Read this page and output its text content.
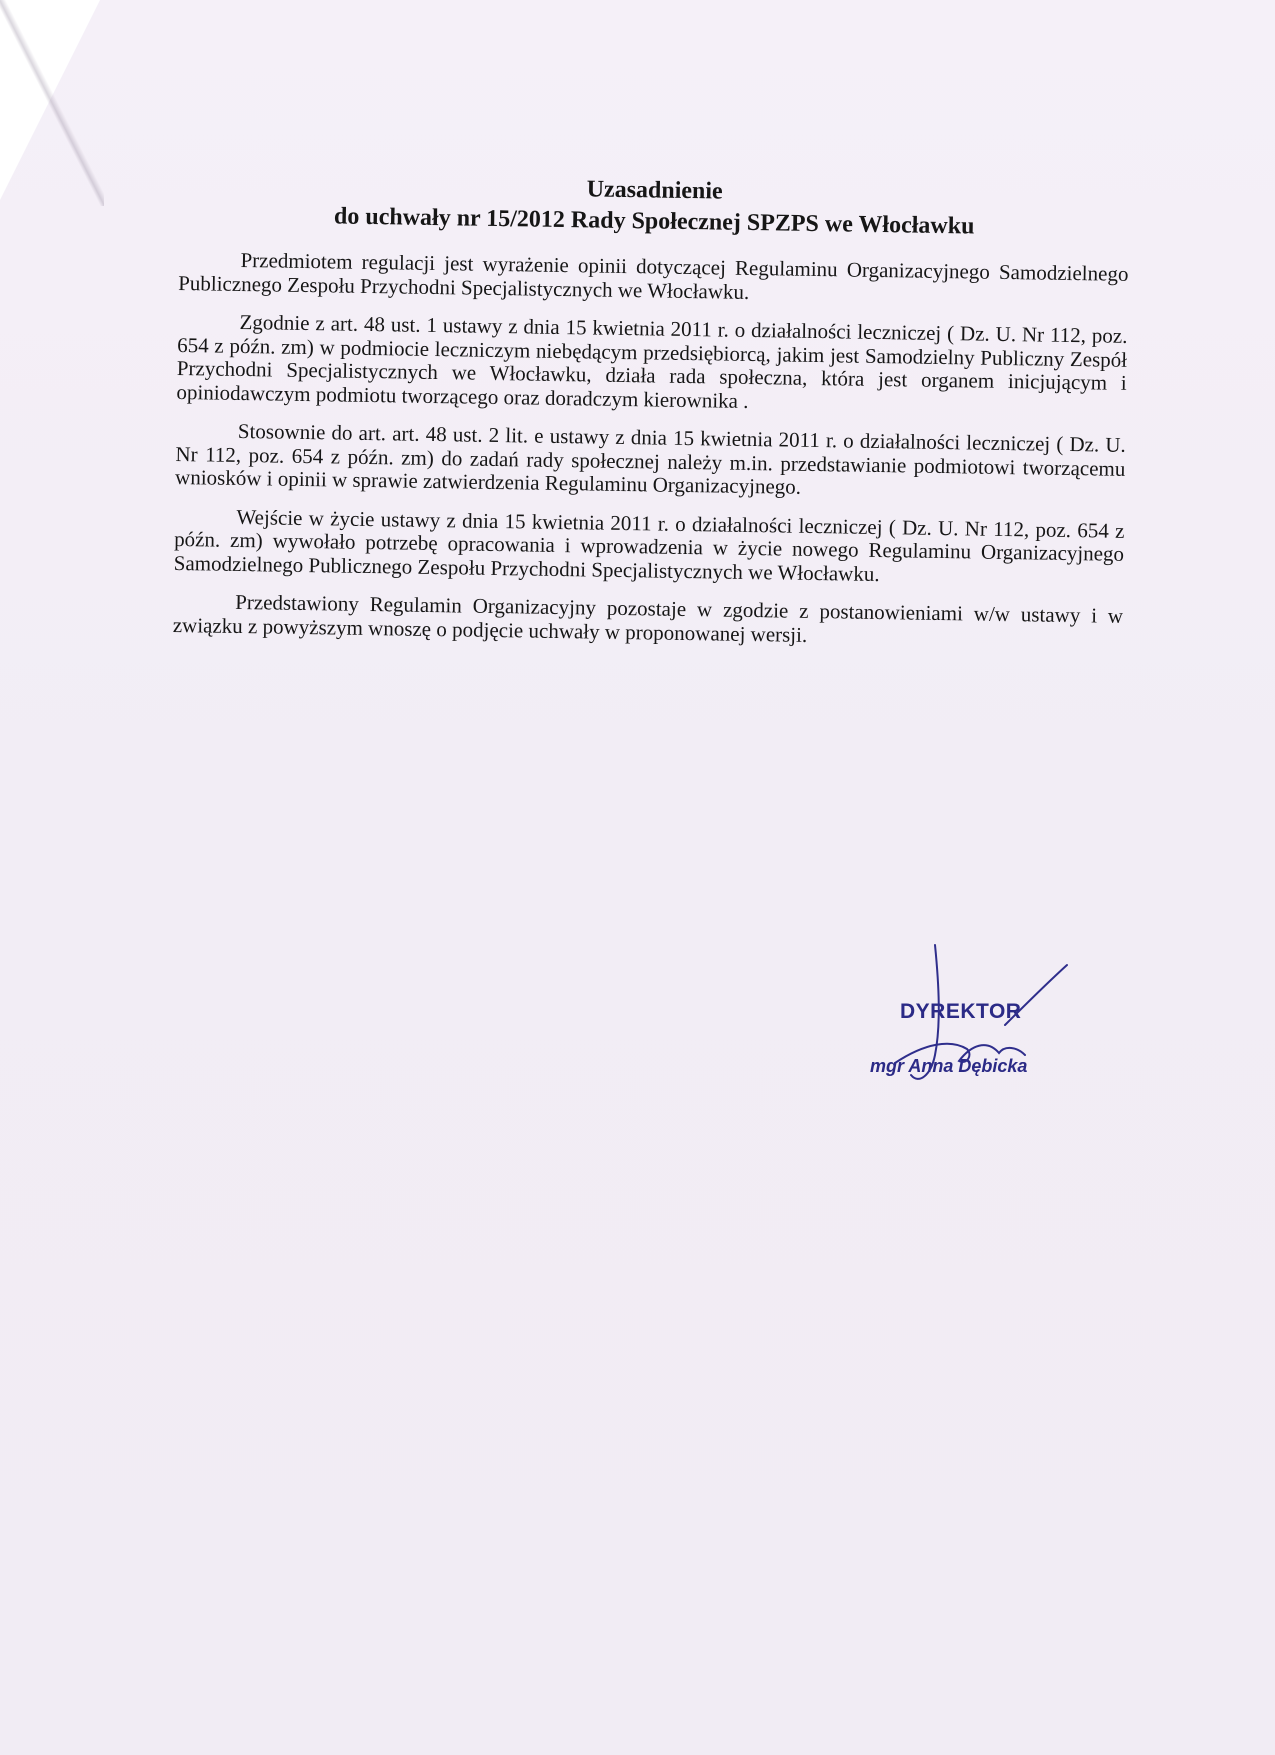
Uzasadnienie
do uchwały nr 15/2012 Rady Społecznej SPZPS we Włocławku

Przedmiotem regulacji jest wyrażenie opinii dotyczącej Regulaminu Organizacyjnego Samodzielnego Publicznego Zespołu Przychodni Specjalistycznych we Włocławku.

Zgodnie z art. 48 ust. 1 ustawy z dnia 15 kwietnia 2011 r. o działalności leczniczej ( Dz. U. Nr 112, poz. 654 z późn. zm) w podmiocie leczniczym niebędącym przedsiębiorcą, jakim jest Samodzielny Publiczny Zespół Przychodni Specjalistycznych we Włocławku, działa rada społeczna, która jest organem inicjującym i opiniodawczym podmiotu tworzącego oraz doradczym kierownika .

Stosownie do art. art. 48 ust. 2 lit. e ustawy z dnia 15 kwietnia 2011 r. o działalności leczniczej ( Dz. U. Nr 112, poz. 654 z późn. zm) do zadań rady społecznej należy m.in. przedstawianie podmiotowi tworzącemu wniosków i opinii w sprawie zatwierdzenia Regulaminu Organizacyjnego.

Wejście w życie ustawy z dnia 15 kwietnia 2011 r. o działalności leczniczej ( Dz. U. Nr 112, poz. 654 z późn. zm) wywołało potrzebę opracowania i wprowadzenia w życie nowego Regulaminu Organizacyjnego Samodzielnego Publicznego Zespołu Przychodni Specjalistycznych we Włocławku.

Przedstawiony Regulamin Organizacyjny pozostaje w zgodzie z postanowieniami w/w ustawy i w związku z powyższym wnoszę o podjęcie uchwały w proponowanej wersji.

DYREKTOR
mgr Anna Dębicka
